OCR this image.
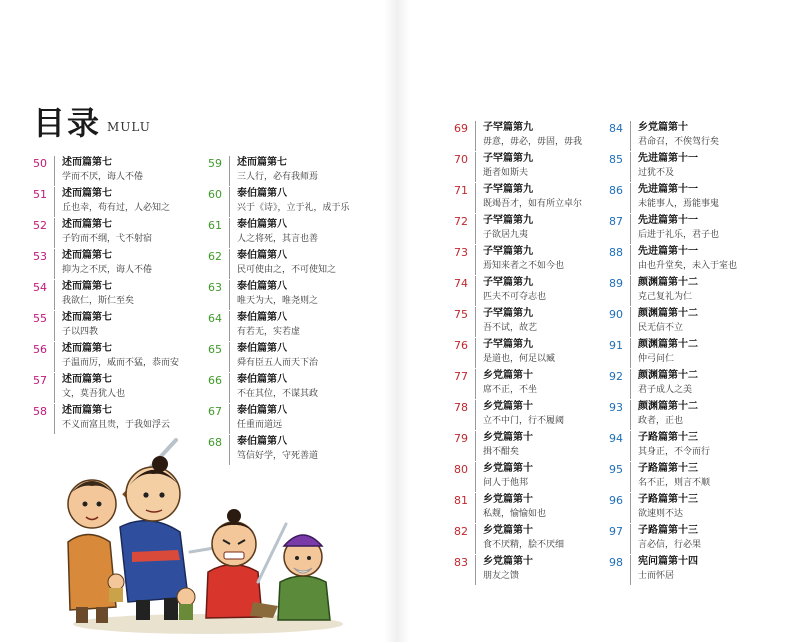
目录 MULU
50	述而篇第七
学而不厌，诲人不倦
51	述而篇第七
丘也幸，苟有过，人必知之
52	述而篇第七
子钓而不纲，弋不射宿
53	述而篇第七
抑为之不厌，诲人不倦
54	述而篇第七
我欲仁，斯仁至矣
55	述而篇第七
子以四教
56	述而篇第七
子温而厉，威而不猛，恭而安
57	述而篇第七
文，莫吾犹人也
58	述而篇第七
不义而富且贵，于我如浮云
59	述而篇第七
三人行，必有我师焉
60	泰伯篇第八
兴于《诗》，立于礼，成于乐
61	泰伯篇第八
人之将死，其言也善
62	泰伯篇第八
民可使由之，不可使知之
63	泰伯篇第八
唯天为大，唯尧则之
64	泰伯篇第八
有若无，实若虚
65	泰伯篇第八
舜有臣五人而天下治
66	泰伯篇第八
不在其位，不谋其政
67	泰伯篇第八
任重而道远
68	泰伯篇第八
笃信好学，守死善道
69	子罕篇第九
毋意，毋必，毋固，毋我
70	子罕篇第九
逝者如斯夫
71	子罕篇第九
既竭吾才，如有所立卓尔
72	子罕篇第九
子欲居九夷
73	子罕篇第九
焉知来者之不如今也
74	子罕篇第九
匹夫不可夺志也
75	子罕篇第九
吾不试，故艺
76	子罕篇第九
是道也，何足以臧
77	乡党篇第十
席不正，不坐
78	乡党篇第十
立不中门，行不履阈
79	乡党篇第十
揖不酣矣
80	乡党篇第十
问人于他邦
81	乡党篇第十
私觌，愉愉如也
82	乡党篇第十
食不厌精，脍不厌细
83	乡党篇第十
朋友之馈
84	乡党篇第十
君命召，不俟驾行矣
85	先进篇第十一
过犹不及
86	先进篇第十一
未能事人，焉能事鬼
87	先进篇第十一
后进于礼乐，君子也
88	先进篇第十一
由也升堂矣，未入于室也
89	颜渊篇第十二
克己复礼为仁
90	颜渊篇第十二
民无信不立
91	颜渊篇第十二
仲弓问仁
92	颜渊篇第十二
君子成人之美
93	颜渊篇第十二
政者，正也
94	子路篇第十三
其身正，不令而行
95	子路篇第十三
名不正，则言不顺
96	子路篇第十三
欲速则不达
97	子路篇第十三
言必信，行必果
98	宪问篇第十四
士而怀居
